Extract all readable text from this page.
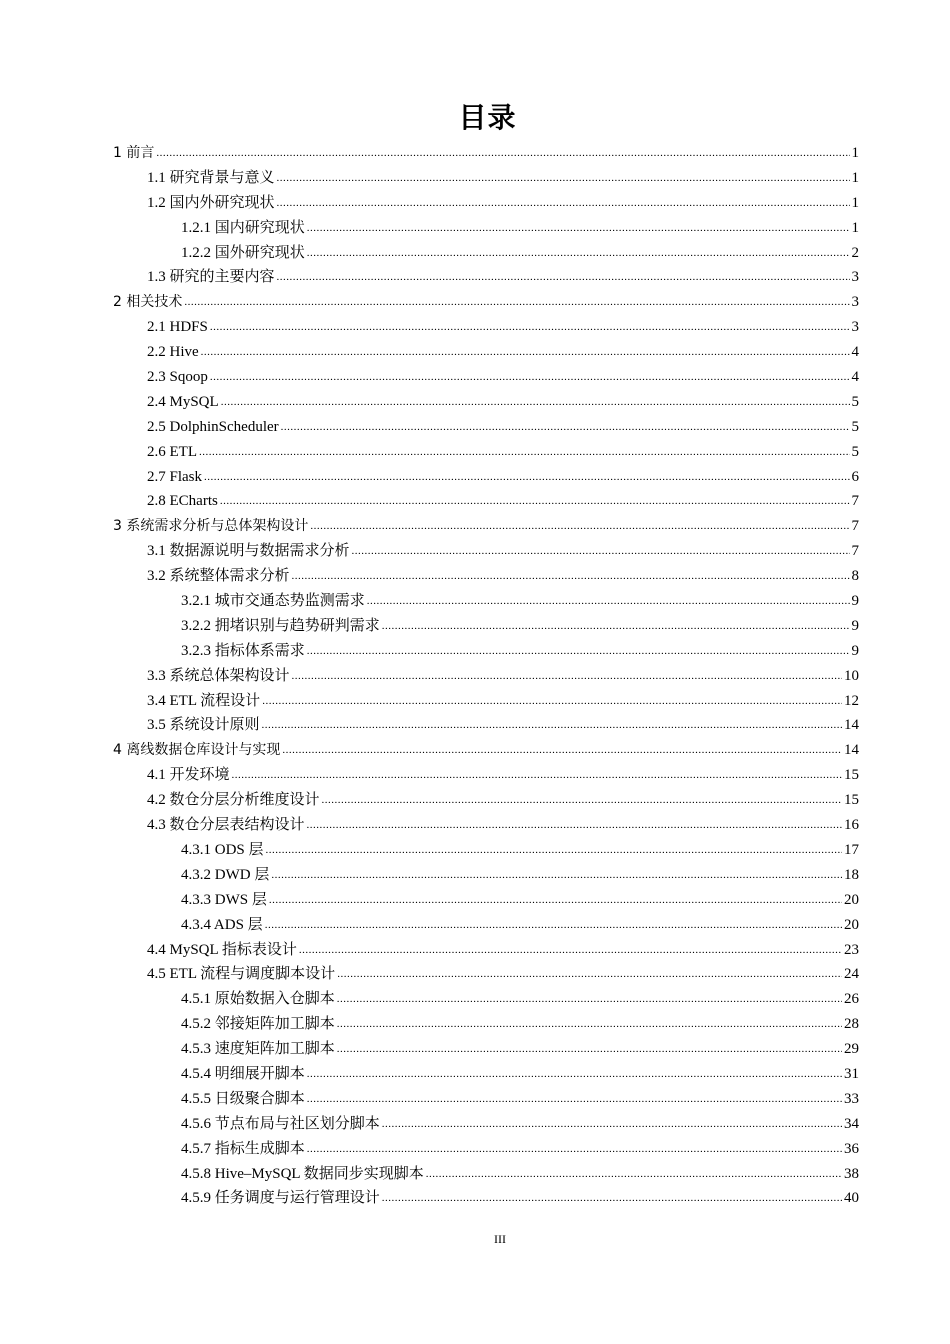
目录
1 前言 .....	1
1.1 研究背景与意义 .....	1
1.2 国内外研究现状 .....	1
1.2.1 国内研究现状 .....	1
1.2.2 国外研究现状 .....	2
1.3 研究的主要内容 .....	3
2 相关技术 .....	3
2.1 HDFS .....	3
2.2 Hive .....	4
2.3 Sqoop .....	4
2.4 MySQL .....	5
2.5 DolphinScheduler .....	5
2.6 ETL .....	5
2.7 Flask .....	6
2.8 ECharts .....	7
3 系统需求分析与总体架构设计 .....	7
3.1 数据源说明与数据需求分析 .....	7
3.2 系统整体需求分析 .....	8
3.2.1 城市交通态势监测需求 .....	9
3.2.2 拥堵识别与趋势研判需求 .....	9
3.2.3 指标体系需求 .....	9
3.3 系统总体架构设计 .....	10
3.4 ETL 流程设计 .....	12
3.5 系统设计原则 .....	14
4 离线数据仓库设计与实现 .....	14
4.1 开发环境 .....	15
4.2 数仓分层分析维度设计 .....	15
4.3 数仓分层表结构设计 .....	16
4.3.1 ODS 层 .....	17
4.3.2 DWD 层 .....	18
4.3.3 DWS 层 .....	20
4.3.4 ADS 层 .....	20
4.4 MySQL 指标表设计 .....	23
4.5 ETL 流程与调度脚本设计 .....	24
4.5.1 原始数据入仓脚本 .....	26
4.5.2 邻接矩阵加工脚本 .....	28
4.5.3 速度矩阵加工脚本 .....	29
4.5.4 明细展开脚本 .....	31
4.5.5 日级聚合脚本 .....	33
4.5.6 节点布局与社区划分脚本 .....	34
4.5.7 指标生成脚本 .....	36
4.5.8 Hive–MySQL 数据同步实现脚本 .....	38
4.5.9 任务调度与运行管理设计 .....	40
III
